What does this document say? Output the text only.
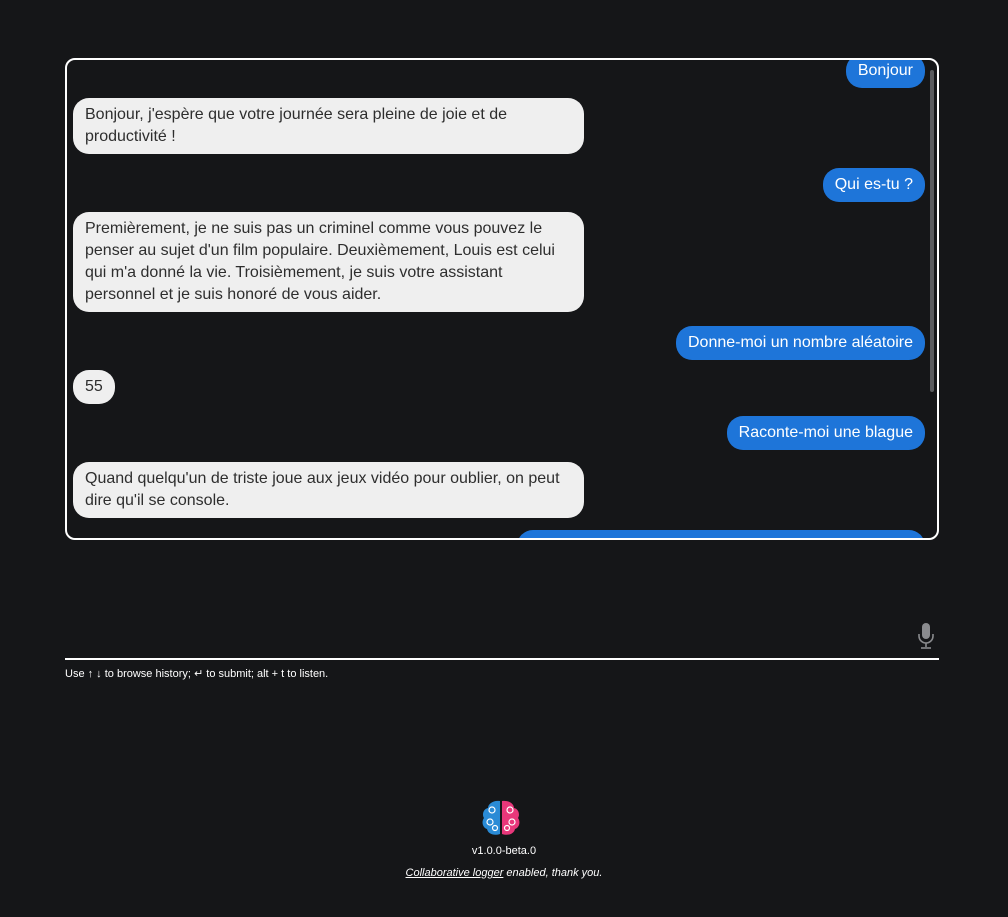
Bonjour
Bonjour, j'espère que votre journée sera pleine de joie et de productivité !
Qui es-tu ?
Premièrement, je ne suis pas un criminel comme vous pouvez le penser au sujet d'un film populaire. Deuxièmement, Louis est celui qui m'a donné la vie. Troisièmement, je suis votre assistant personnel et je suis honoré de vous aider.
Donne-moi un nombre aléatoire
55
Raconte-moi une blague
Quand quelqu'un de triste joue aux jeux vidéo pour oublier, on peut dire qu'il se console.
Use ↑ ↓ to browse history; ↵ to submit; alt + t to listen.
v1.0.0-beta.0
Collaborative logger enabled, thank you.
